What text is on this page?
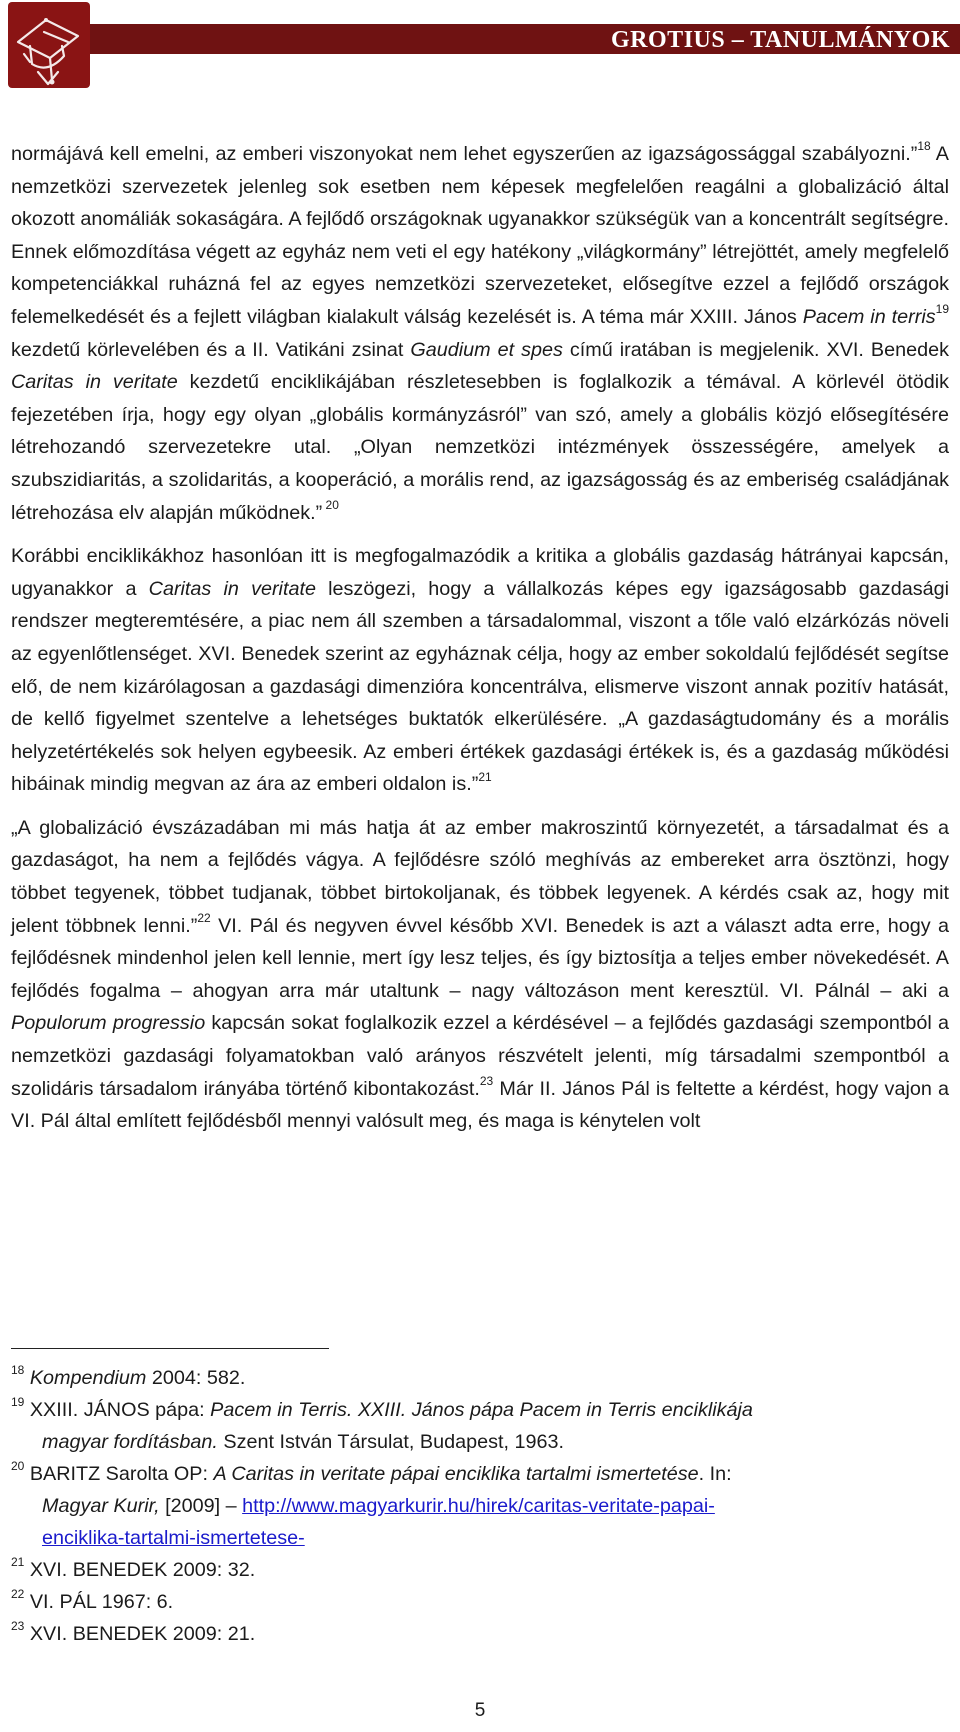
GROTIUS – TANULMÁNYOK

normájává kell emelni, az emberi viszonyokat nem lehet egyszerűen az igazságossággal szabályozni.”$^{18}$ A nemzetközi szervezetek jelenleg sok esetben nem képesek megfelelően reagálni a globalizáció által okozott anomáliák sokaságára. A fejlődő országoknak ugyanakkor szükségük van a koncentrált segítségre. Ennek előmozdítása végett az egyház nem veti el egy hatékony „világkormány” létrejöttét, amely megfelelő kompetenciákkal ruházná fel az egyes nemzetközi szervezeteket, elősegítve ezzel a fejlődő országok felemelkedését és a fejlett világban kialakult válság kezelését is. A téma már XXIII. János Pacem in terris$^{19}$ kezdetű körlevelében és a II. Vatikáni zsinat Gaudium et spes című iratában is megjelenik. XVI. Benedek Caritas in veritate kezdetű enciklikájában részletesebben is foglalkozik a témával. A körlevél ötödik fejezetében írja, hogy egy olyan „globális kormányzásról” van szó, amely a globális közjó elősegítésére létrehozandó szervezetekre utal. „Olyan nemzetközi intézmények összességére, amelyek a szubszidiaritás, a szolidaritás, a kooperáció, a morális rend, az igazságosság és az emberiség családjának létrehozása elv alapján működnek.” $^{20}$

Korábbi enciklikákhoz hasonlóan itt is megfogalmazódik a kritika a globális gazdaság hátrányai kapcsán, ugyanakkor a Caritas in veritate leszögezi, hogy a vállalkozás képes egy igazságosabb gazdasági rendszer megteremtésére, a piac nem áll szemben a társadalommal, viszont a tőle való elzárkózás növeli az egyenlőtlenséget. XVI. Benedek szerint az egyháznak célja, hogy az ember sokoldalú fejlődését segítse elő, de nem kizárólagosan a gazdasági dimenzióra koncentrálva, elismerve viszont annak pozitív hatását, de kellő figyelmet szentelve a lehetséges buktatók elkerülésére. „A gazdaságtudomány és a morális helyzetértékelés sok helyen egybeesik. Az emberi értékek gazdasági értékek is, és a gazdaság működési hibáinak mindig megvan az ára az emberi oldalon is.”$^{21}$

„A globalizáció évszázadában mi más hatja át az ember makroszintű környezetét, a társadalmat és a gazdaságot, ha nem a fejlődés vágya. A fejlődésre szóló meghívás az embereket arra ösztönzi, hogy többet tegyenek, többet tudjanak, többet birtokoljanak, és többek legyenek. A kérdés csak az, hogy mit jelent többnek lenni.”$^{22}$ VI. Pál és negyven évvel később XVI. Benedek is azt a választ adta erre, hogy a fejlődésnek mindenhol jelen kell lennie, mert így lesz teljes, és így biztosítja a teljes ember növekedését. A fejlődés fogalma – ahogyan arra már utaltunk – nagy változáson ment keresztül. VI. Pálnál – aki a Populorum progressio kapcsán sokat foglalkozik ezzel a kérdésével – a fejlődés gazdasági szempontból a nemzetközi gazdasági folyamatokban való arányos részvételt jelenti, míg társadalmi szempontból a szolidáris társadalom irányába történő kibontakozást.$^{23}$ Már II. János Pál is feltette a kérdést, hogy vajon a VI. Pál által említett fejlődésből mennyi valósult meg, és maga is kénytelen volt

$^{18}$ Kompendium 2004: 582.

$^{19}$ XXIII. JÁNOS pápa: Pacem in Terris. XXIII. János pápa Pacem in Terris enciklikája
magyar fordításban. Szent István Társulat, Budapest, 1963.

$^{20}$ BARITZ Sarolta OP: A Caritas in veritate pápai enciklika tartalmi ismertetése. In:
Magyar Kurir, [2009] – http://www.magyarkurir.hu/hirek/caritas-veritate-papai-
enciklika-tartalmi-ismertetese-

$^{21}$ XVI. BENEDEK 2009: 32.

$^{22}$ VI. PÁL 1967: 6.

$^{23}$ XVI. BENEDEK 2009: 21.

5
